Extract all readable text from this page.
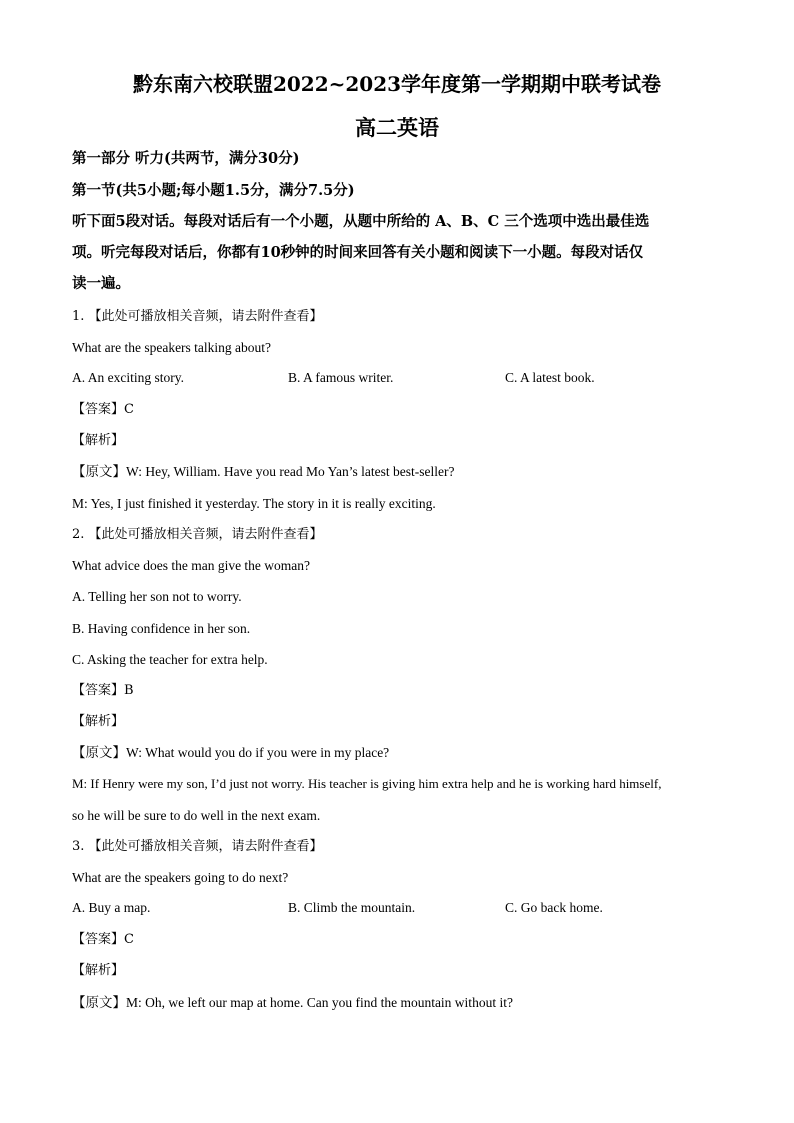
黔东南六校联盟2022~2023学年度第一学期期中联考试卷
高二英语
第一部分 听力(共两节，满分30分)
第一节(共5小题;每小题1.5分，满分7.5分)
听下面5段对话。每段对话后有一个小题，从题中所给的 A、B、C 三个选项中选出最佳选
项。听完每段对话后，你都有10秒钟的时间来回答有关小题和阅读下一小题。每段对话仅
读一遍。
1. 【此处可播放相关音频，请去附件查看】
What are the speakers talking about?
A. An exciting story.	B. A famous writer.	C. A latest book.
【答案】C
【解析】
【原文】W: Hey, William. Have you read Mo Yan’s latest best-seller?
M: Yes, I just finished it yesterday. The story in it is really exciting.
2. 【此处可播放相关音频，请去附件查看】
What advice does the man give the woman?
A. Telling her son not to worry.
B. Having confidence in her son.
C. Asking the teacher for extra help.
【答案】B
【解析】
【原文】W: What would you do if you were in my place?
M: If Henry were my son, I’d just not worry. His teacher is giving him extra help and he is working hard himself,
so he will be sure to do well in the next exam.
3. 【此处可播放相关音频，请去附件查看】
What are the speakers going to do next?
A. Buy a map.	B. Climb the mountain.	C. Go back home.
【答案】C
【解析】
【原文】M: Oh, we left our map at home. Can you find the mountain without it?
